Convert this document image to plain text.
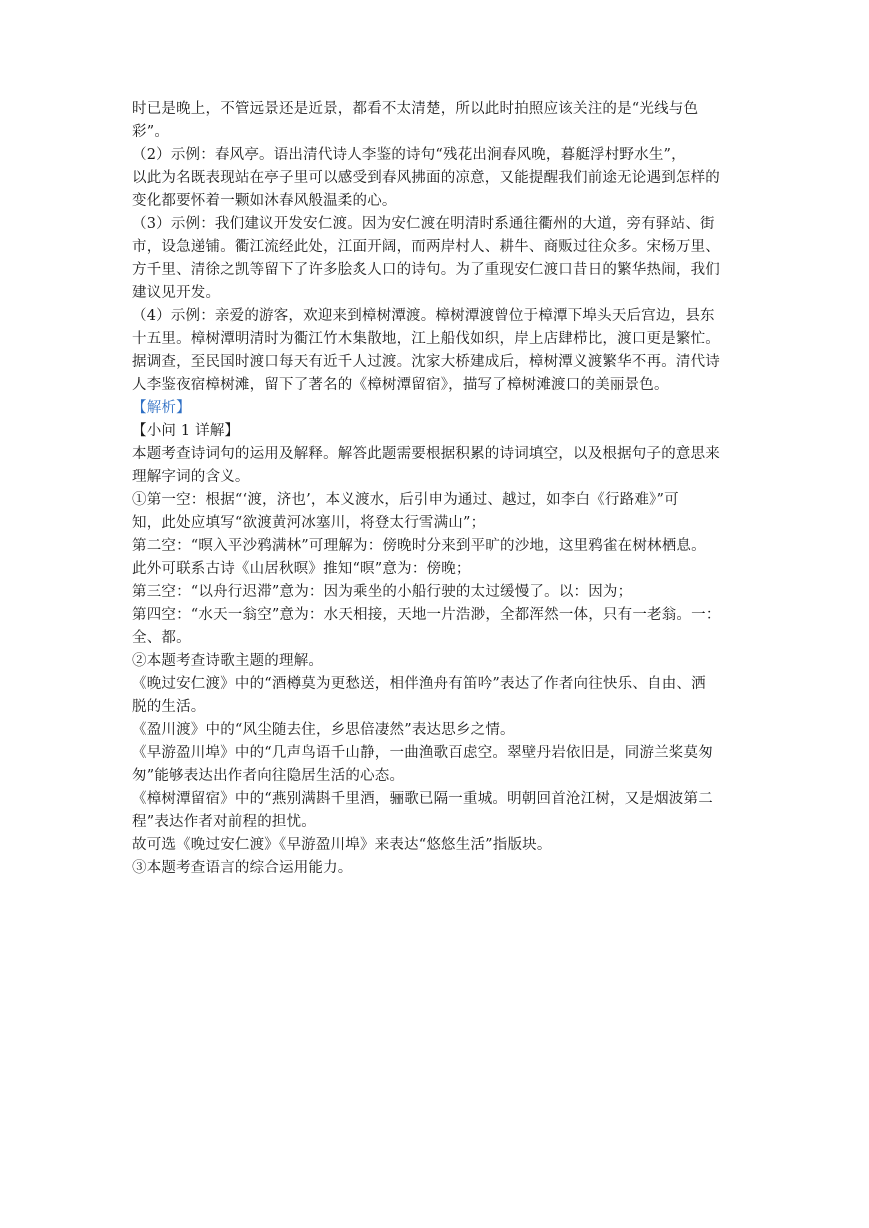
时已是晚上，不管远景还是近景，都看不太清楚，所以此时拍照应该关注的是“光线与色
彩”。
（2）示例：春风亭。语出清代诗人李鉴的诗句“残花出涧春风晚，暮艇浮村野水生”，
以此为名既表现站在亭子里可以感受到春风拂面的凉意，又能提醒我们前途无论遇到怎样的
变化都要怀着一颗如沐春风般温柔的心。
（3）示例：我们建议开发安仁渡。因为安仁渡在明清时系通往衢州的大道，旁有驿站、街
市，设急递铺。衢江流经此处，江面开阔，而两岸村人、耕牛、商贩过往众多。宋杨万里、
方千里、清徐之凯等留下了许多脍炙人口的诗句。为了重现安仁渡口昔日的繁华热闹，我们
建议见开发。
（4）示例：亲爱的游客，欢迎来到樟树潭渡。樟树潭渡曾位于樟潭下埠头天后宫边，县东
十五里。樟树潭明清时为衢江竹木集散地，江上船伐如织，岸上店肆栉比，渡口更是繁忙。
据调查，至民国时渡口每天有近千人过渡。沈家大桥建成后，樟树潭义渡繁华不再。清代诗
人李鉴夜宿樟树滩，留下了著名的《樟树潭留宿》，描写了樟树滩渡口的美丽景色。
【解析】
【小问 1 详解】
本题考查诗词句的运用及解释。解答此题需要根据积累的诗词填空，以及根据句子的意思来
理解字词的含义。
①第一空：根据“‘渡，济也’，本义渡水，后引申为通过、越过，如李白《行路难》”可
知，此处应填写“欲渡黄河冰塞川，将登太行雪满山”；
第二空：“暝入平沙鸦满林”可理解为：傍晚时分来到平旷的沙地，这里鸦雀在树林栖息。
此外可联系古诗《山居秋暝》推知“暝”意为：傍晚；
第三空：“以舟行迟滞”意为：因为乘坐的小船行驶的太过缓慢了。以：因为；
第四空：“水天一翁空”意为：水天相接，天地一片浩渺，全都浑然一体，只有一老翁。一：
全、都。
②本题考查诗歌主题的理解。
《晚过安仁渡》中的“酒樽莫为更愁送，相伴渔舟有笛吟”表达了作者向往快乐、自由、洒
脱的生活。
《盈川渡》中的“风尘随去住，乡思倍凄然”表达思乡之情。
《早游盈川埠》中的“几声鸟语千山静，一曲渔歌百虑空。翠壁丹岩依旧是，同游兰桨莫匆
匆”能够表达出作者向往隐居生活的心态。
《樟树潭留宿》中的“燕别满斟千里酒，骊歌已隔一重城。明朝回首沧江树，又是烟波第二
程”表达作者对前程的担忧。
故可选《晚过安仁渡》《早游盈川埠》来表达“悠悠生活”指版块。
③本题考查语言的综合运用能力。
